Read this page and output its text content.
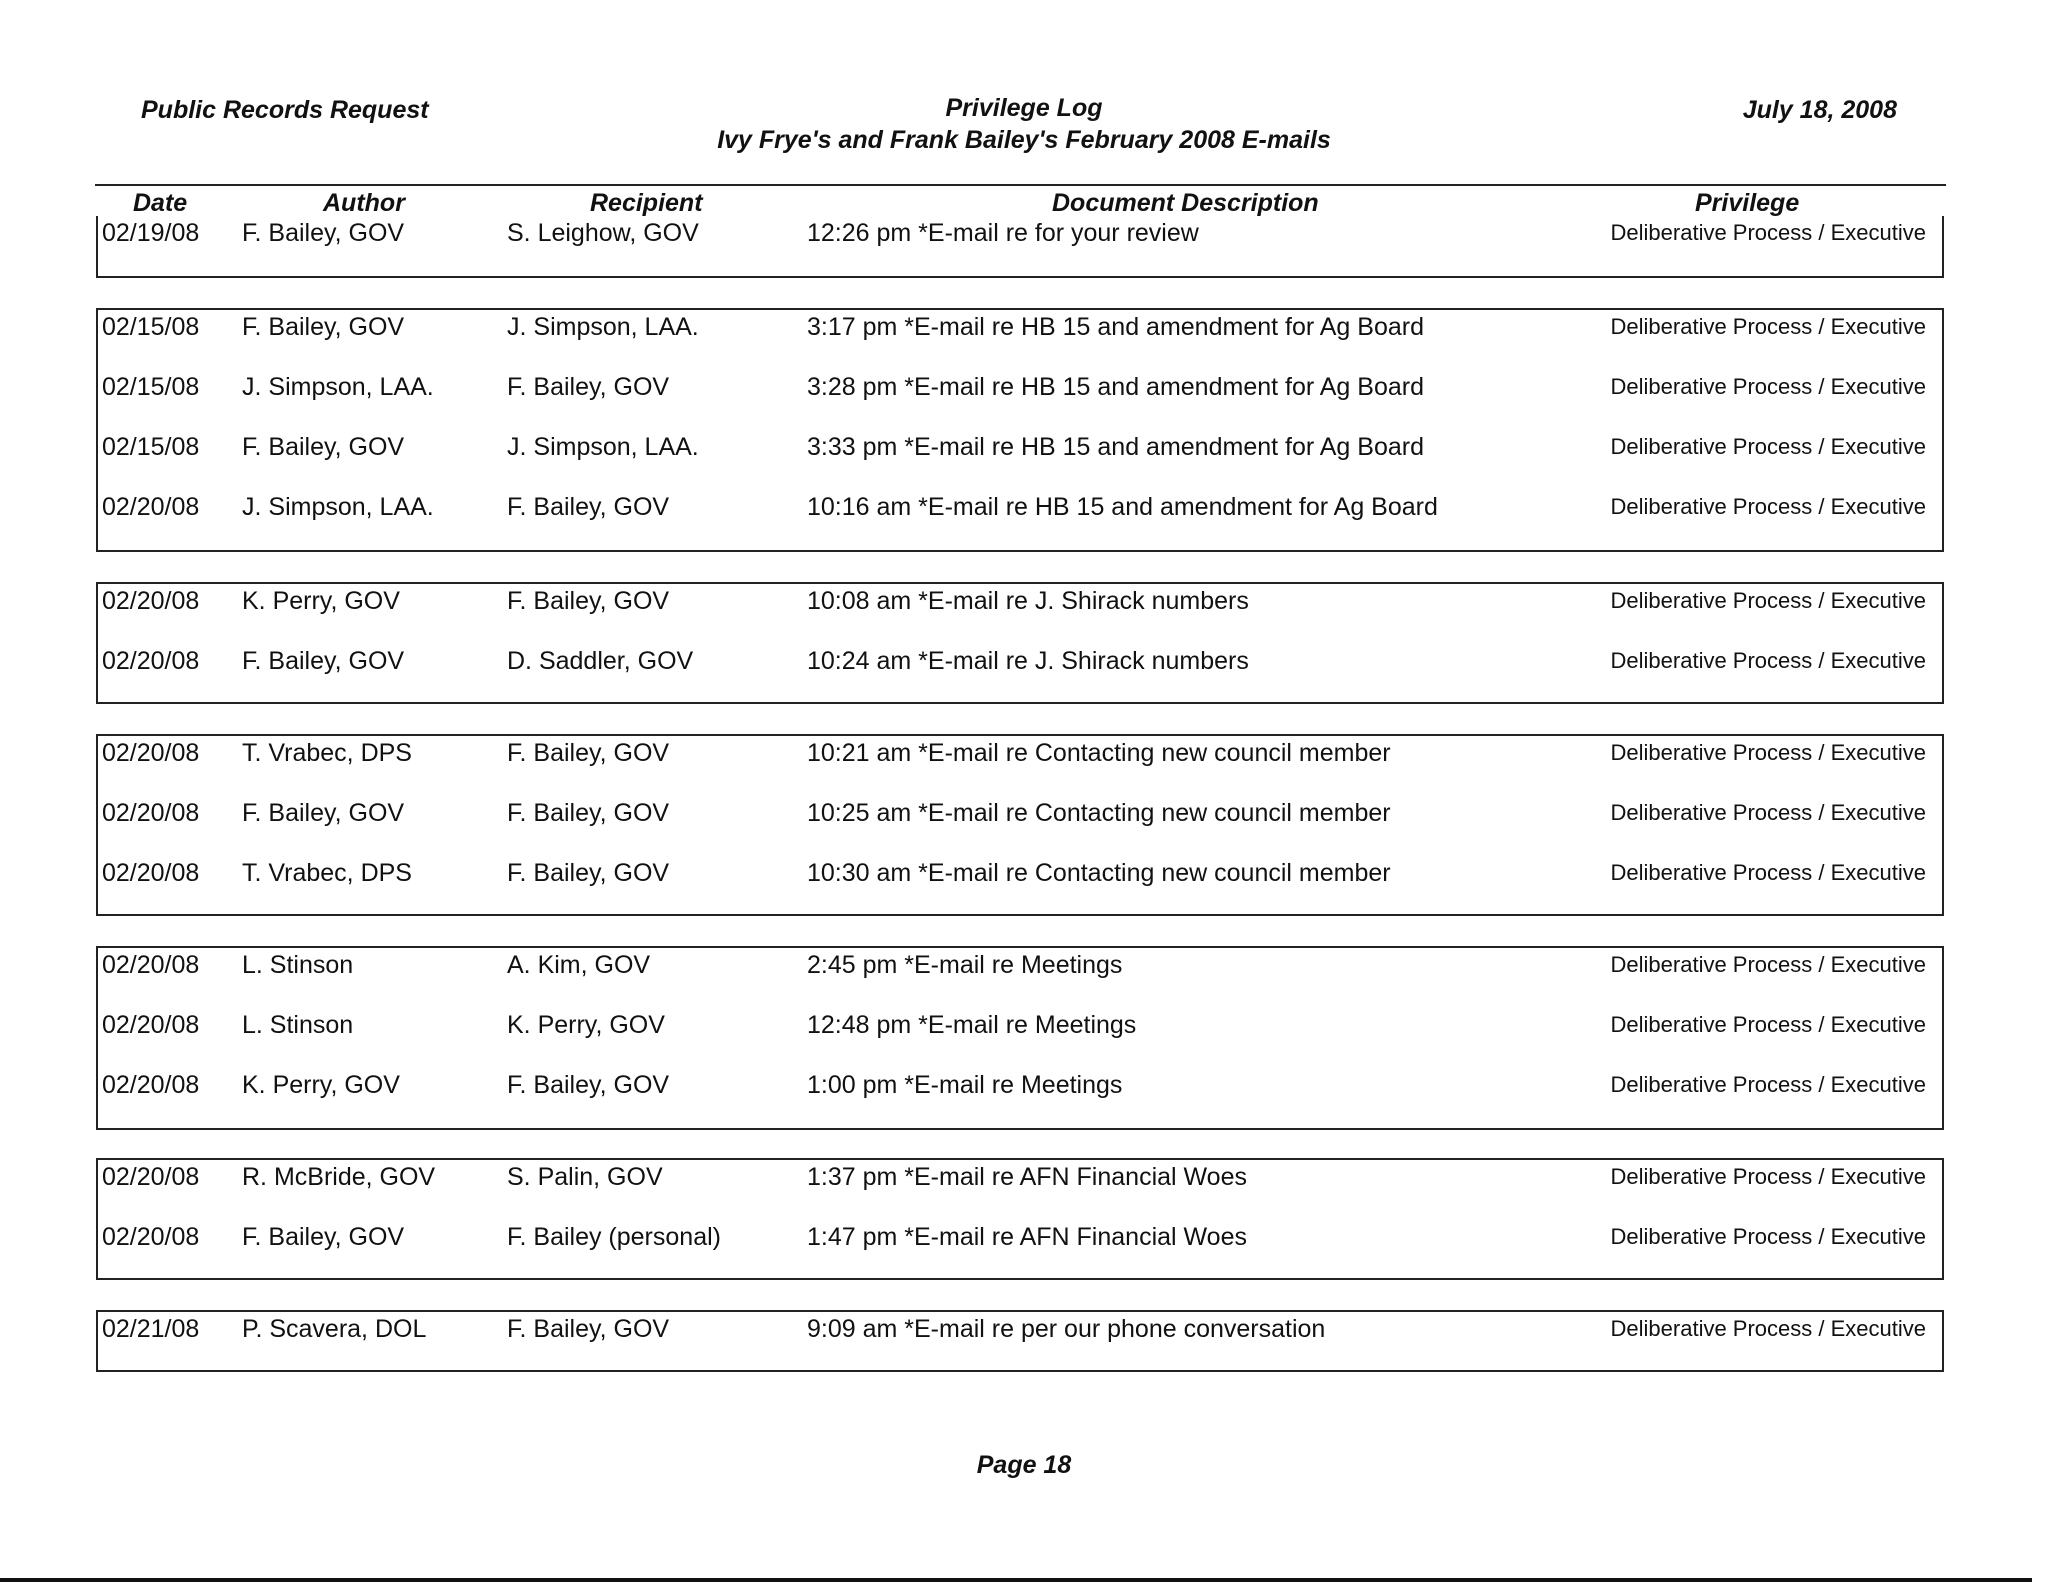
Public Records Request	Privilege Log
Ivy Frye's and Frank Bailey's February 2008 E-mails
July 18, 2008
Date	Author	Recipient	Document Description	Privilege
02/19/08 F. Bailey, GOV	S. Leighow, GOV	12:26 pm *E-mail re for your review	Deliberative Process / Executive
02/15/08 F. Bailey, GOV	J. Simpson, LAA.	3:17 pm *E-mail re HB 15 and amendment for Ag Board	Deliberative Process / Executive
02/15/08 J. Simpson, LAA.	F. Bailey, GOV	3:28 pm *E-mail re HB 15 and amendment for Ag Board	Deliberative Process / Executive
02/15/08 F. Bailey, GOV	J. Simpson, LAA.	3:33 pm *E-mail re HB 15 and amendment for Ag Board	Deliberative Process / Executive
02/20/08 J. Simpson, LAA.	F. Bailey, GOV	10:16 am *E-mail re HB 15 and amendment for Ag Board	Deliberative Process / Executive
02/20/08 K. Perry, GOV	F. Bailey, GOV	10:08 am *E-mail re J. Shirack numbers	Deliberative Process / Executive
02/20/08 F. Bailey, GOV	D. Saddler, GOV	10:24 am *E-mail re J. Shirack numbers	Deliberative Process / Executive
02/20/08 T. Vrabec, DPS	F. Bailey, GOV	10:21 am *E-mail re Contacting new council member	Deliberative Process / Executive
02/20/08 F. Bailey, GOV	F. Bailey, GOV	10:25 am *E-mail re Contacting new council member	Deliberative Process / Executive
02/20/08 T. Vrabec, DPS	F. Bailey, GOV	10:30 am *E-mail re Contacting new council member	Deliberative Process / Executive
02/20/08 L. Stinson	A. Kim, GOV	2:45 pm *E-mail re Meetings	Deliberative Process / Executive
02/20/08 L. Stinson	K. Perry, GOV	12:48 pm *E-mail re Meetings	Deliberative Process / Executive
02/20/08 K. Perry, GOV	F. Bailey, GOV	1:00 pm *E-mail re Meetings	Deliberative Process / Executive
02/20/08 R. McBride, GOV	S. Palin, GOV	1:37 pm *E-mail re AFN Financial Woes	Deliberative Process / Executive
02/20/08 F. Bailey, GOV	F. Bailey (personal)	1:47 pm *E-mail re AFN Financial Woes	Deliberative Process / Executive
02/21/08 P. Scavera, DOL	F. Bailey, GOV	9:09 am *E-mail re per our phone conversation	Deliberative Process / Executive
Page 18
